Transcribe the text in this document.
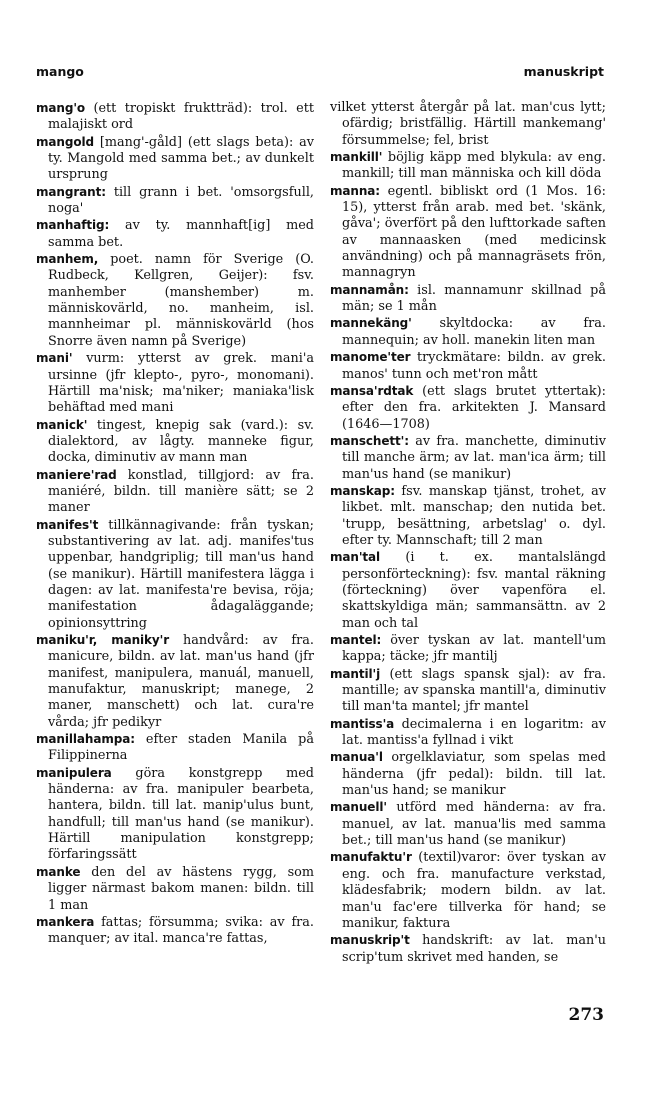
mango	manuskript

mang'o (ett tropiskt fruktträd): trol. ett malajiskt ord

mangold [mang'-gåld] (ett slags beta): av ty. Mangold med samma bet.; av dunkelt ursprung

mangrant: till grann i bet. 'omsorgsfull, noga'

manhaftig: av ty. mannhaft[ig] med samma bet.

manhem, poet. namn för Sverige (O. Rudbeck, Kellgren, Geijer): fsv. manhember (manshember) m. människovärld, no. manheim, isl. mannheimar pl. människovärld (hos Snorre även namn på Sverige)

mani' vurm: ytterst av grek. mani'a ursinne (jfr klepto-, pyro-, monomani). Härtill ma'nisk; ma'niker; maniaka'lisk behäftad med mani

manick' tingest, knepig sak (vard.): sv. dialektord, av lågty. manneke figur, docka, diminutiv av mann man

maniere'rad konstlad, tillgjord: av fra. maniéré, bildn. till manière sätt; se 2 maner

manifes't tillkännagivande: från tyskan; substantivering av lat. adj. manifes'tus uppenbar, handgriplig; till man'us hand (se manikur). Härtill manifestera lägga i dagen: av lat. manifesta're bevisa, röja; manifestation ådagaläggande; opinionsyttring

maniku'r, maniky'r handvård: av fra. manicure, bildn. av lat. man'us hand (jfr manifest, manipulera, manuál, manuell, manufaktur, manuskript; manege, 2 maner, manschett) och lat. cura're vårda; jfr pedikyr

manillahampa: efter staden Manila på Filippinerna

manipulera göra konstgrepp med händerna: av fra. manipuler bearbeta, hantera, bildn. till lat. manip'ulus bunt, handfull; till man'us hand (se manikur). Härtill manipulation konstgrepp; förfaringssätt

manke den del av hästens rygg, som ligger närmast bakom manen: bildn. till 1 man

mankera fattas; försumma; svika: av fra. manquer; av ital. manca're fattas,

vilket ytterst återgår på lat. man'cus lytt; ofärdig; bristfällig. Härtill mankemang' försummelse; fel, brist

mankill' böjlig käpp med blykula: av eng. mankill; till man människa och kill döda

manna: egentl. bibliskt ord (1 Mos. 16: 15), ytterst från arab. med bet. 'skänk, gåva'; överfört på den lufttorkade saften av mannaasken (med medicinsk användning) och på mannagräsets frön, mannagryn

mannamån: isl. mannamunr skillnad på män; se 1 mån

mannekäng' skyltdocka: av fra. mannequin; av holl. manekin liten man

manome'ter tryckmätare: bildn. av grek. manos' tunn och met'ron mått

mansa'rdtak (ett slags brutet yttertak): efter den fra. arkitekten J. Mansard (1646—1708)

manschett': av fra. manchette, diminutiv till manche ärm; av lat. man'ica ärm; till man'us hand (se manikur)

manskap: fsv. manskap tjänst, trohet, av likbet. mlt. manschap; den nutida bet. 'trupp, besättning, arbetslag' o. dyl. efter ty. Mannschaft; till 2 man

man'tal (i t. ex. mantalslängd personförteckning): fsv. mantal räkning (förteckning) över vapenföra el. skattskyldiga män; sammansättn. av 2 man och tal

mantel: över tyskan av lat. mantell'um kappa; täcke; jfr mantilj

mantil'j (ett slags spansk sjal): av fra. mantille; av spanska mantill'a, diminutiv till man'ta mantel; jfr mantel

mantiss'a decimalerna i en logaritm: av lat. mantiss'a fyllnad i vikt

manua'l orgelklaviatur, som spelas med händerna (jfr pedal): bildn. till lat. man'us hand; se manikur

manuell' utförd med händerna: av fra. manuel, av lat. manua'lis med samma bet.; till man'us hand (se manikur)

manufaktu'r (textil)varor: över tyskan av eng. och fra. manufacture verkstad, klädesfabrik; modern bildn. av lat. man'u fac'ere tillverka för hand; se manikur, faktura

manuskrip't handskrift: av lat. man'u scrip'tum skrivet med handen, se

273
